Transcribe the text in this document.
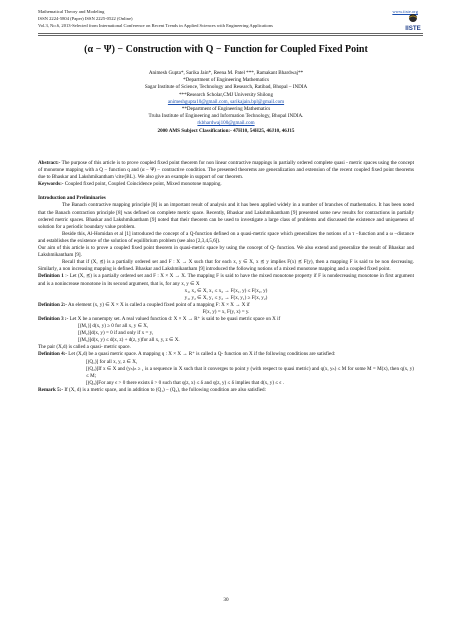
Mathematical Theory and Modeling
ISSN 2224-5804 (Paper) ISSN 2225-0522 (Online)
Vol.3, No.6, 2013-Selected from International Conference on Recent Trends in Applied Sciences with Engineering Applications
www.iiste.org
IISTE
(α − Ψ) − Construction with Q − Function for Coupled Fixed Point
Animesh Gupta*, Sarika Jain*, Reena M. Patel ***, Ramakant Bhardwaj**
*Department of Engineering Mathematics
Sagar Institute of Science, Technology and Research, Ratibad, Bhopal – INDIA
***Research Scholar,CMJ University Shilong
animeshgupta10@gmail.com, sarikajain.bpl@gmail.com
**Department of Engineering Mathematics
Truba Institute of Engineering and Information Technology, Bhopal INDIA.
rkbhardwaj100@gmail.com
2000 AMS Subject Classification:- 47H10, 54H25, 46J10, 46J15

Abstract:- The purpose of this article is to prove coupled fixed point theorem for non linear contractive mappings in partially ordered complete quasi - metric spaces using the concept of monotone mapping with a Q − function q and (α − Ψ) − contractive condition. The presented theorems are generalization and extension of the recent coupled fixed point theorems due to Bhaskar and Lakshmikantham \cite{BL}. We also give an example in support of our theorem.

Keywords:- Coupled fixed point, Coupled Coincidence point, Mixed monotone mapping.

Introduction and Preliminaries

The Banach contractive mapping principle [8] is an important result of analysis and it has been applied widely in a number of branches of mathematics. It has been noted that the Banach contraction principle [8] was defined on complete metric space. Recently, Bhaskar and Lakshmikantham [9] presented some new results for contractions in partially ordered metric spaces. Bhaskar and Lakshmikantham [9] noted that their theorem can be used to investigate a large class of problems and discussed the existence and uniqueness of solution for a periodic boundary value problem.

Beside this, Al-Homidan et al [1] introduced the concept of a Q-function defined on a quasi-metric space which generalizes the notions of a τ −function and a ω −distance and establishes the existence of the solution of equilibrium problem (see also [2,3,4,5,6]).

Our aim of this article is to prove a coupled fixed point theorem in quasi-metric space by using the concept of Q- function. We also extend and generalize the result of Bhaskar and Lakshmikantham [9].

Recall that if (X, ⪯) is a partially ordered set and F : X → X such that for each x, y ∈ X, x ⪯ y implies F(x) ⪯ F(y), then a mapping F is said to be non decreasing. Similarly, a non increasing mapping is defined. Bhaskar and Lakshmikantham [9] introduced the following notions of a mixed monotone mapping and a coupled fixed point.

Definition 1 :- Let (X, ⪯) is a partially ordered set and F : X × X → X. The mapping F is said to have the mixed monotone property if F is nondecreasing monotone in first argument and is a nonincrease monotone in its second argument, that is, for any x, y ∈ X

x₁, x₂ ∈ X, x₁ ≤ x₂ → F(x₁, y) ≤ F(x₂, y)

y₁, y₂ ∈ X, y₁ ≤ y₂ → F(x, y₁) ≥ F(x, y₂)

Definition 2:- An element (x, y) ∈ X × X is called a coupled fixed point of a mapping F: X × X → X if

F(x, y) = x, F(y, x) = y.

Definition 3 :- Let X be a nonempty set. A real valued function d: X × X → R⁺ is said to be quasi metric space on X if

[(M₁)] d(x, y) ≥ 0 for all x, y ∈ X,

[(M₂)]d(x, y) = 0 if and only if x = y,

[(M₃)]d(x, y) ≤ d(x, z) + d(z, y)for all x, y, z ∈ X.

The pair (X,d) is called a quasi- metric space.

Definition 4:- Let (X,d) be a quasi metric space. A mapping q : X × X → R⁺ is called a Q- function on X if the following conditions are satisfied:

[(Q₁)] for all x, y, z ∈ X,

[(Q₂)]If x ∈ X and (yₙ)ₙ ≥ ₁ is a sequence in X such that it converges to point y (with respect to quasi metric) and q(x, yₙ) ≤ M for some M = M(x), then q(x, y) ≤ M;

[(Q₃)]For any ϵ > 0 there exists δ > 0 such that q(z, x) ≤ δ and q(z, y) ≤ δ implies that d(x, y) ≤ ϵ .

Remark 5:- If (X, d) is a metric space, and in addition to (Q₁) − (Q₂), the following condition are also satisfied:

30
